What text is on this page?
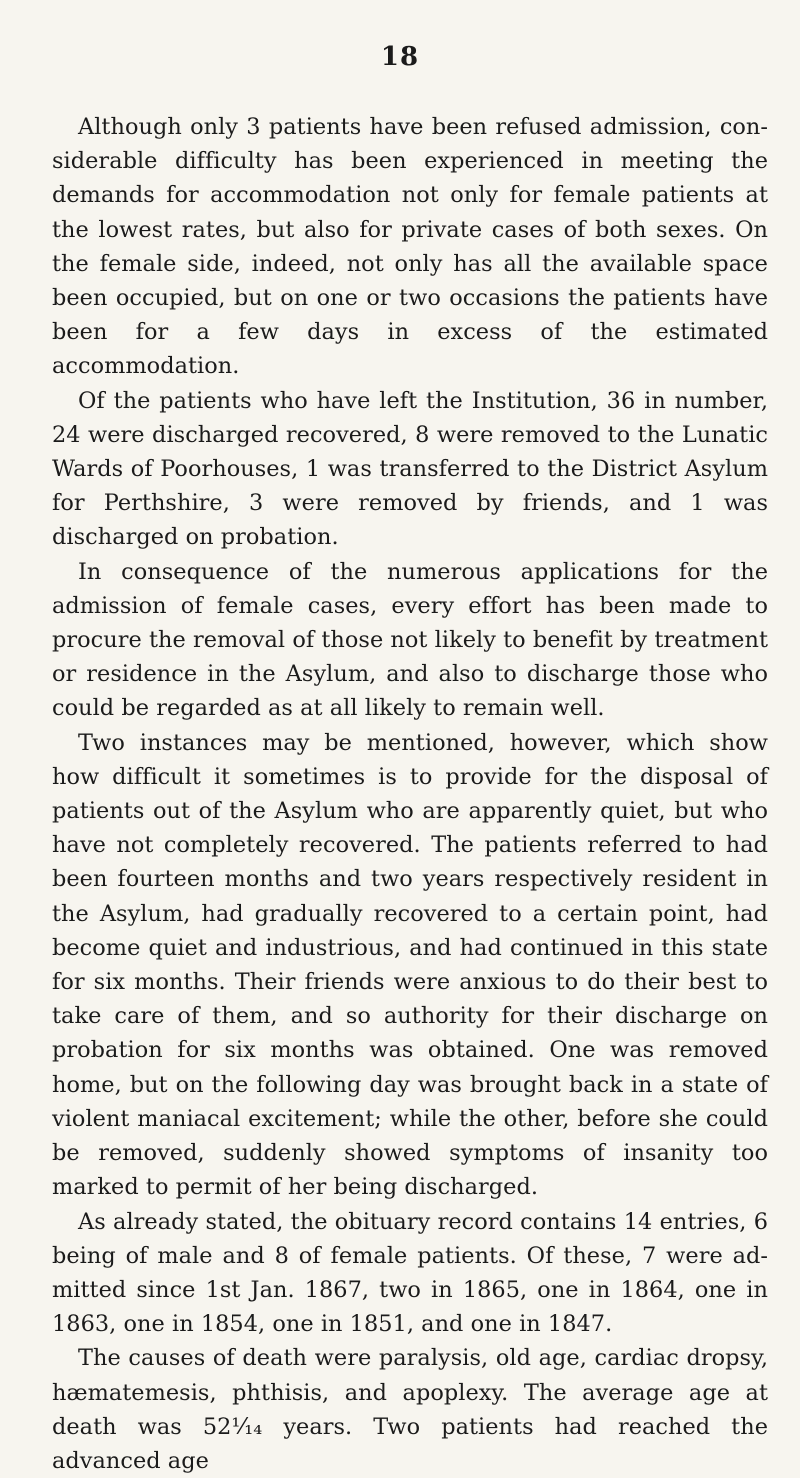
18

Although only 3 patients have been refused admission, considerable difficulty has been experienced in meeting the demands for accommodation not only for female patients at the lowest rates, but also for private cases of both sexes. On the female side, indeed, not only has all the available space been occupied, but on one or two occasions the patients have been for a few days in excess of the estimated accommodation.

Of the patients who have left the Institution, 36 in number, 24 were discharged recovered, 8 were removed to the Lunatic Wards of Poorhouses, 1 was transferred to the District Asylum for Perthshire, 3 were removed by friends, and 1 was discharged on probation.

In consequence of the numerous applications for the admission of female cases, every effort has been made to procure the removal of those not likely to benefit by treatment or residence in the Asylum, and also to discharge those who could be regarded as at all likely to remain well.

Two instances may be mentioned, however, which show how difficult it sometimes is to provide for the disposal of patients out of the Asylum who are apparently quiet, but who have not completely recovered. The patients referred to had been fourteen months and two years respectively resident in the Asylum, had gradually recovered to a certain point, had become quiet and industrious, and had continued in this state for six months. Their friends were anxious to do their best to take care of them, and so authority for their discharge on probation for six months was obtained. One was removed home, but on the following day was brought back in a state of violent maniacal excitement; while the other, before she could be removed, suddenly showed symptoms of insanity too marked to permit of her being discharged.

As already stated, the obituary record contains 14 entries, 6 being of male and 8 of female patients. Of these, 7 were admitted since 1st Jan. 1867, two in 1865, one in 1864, one in 1863, one in 1854, one in 1851, and one in 1847.

The causes of death were paralysis, old age, cardiac dropsy, hæmatemesis, phthisis, and apoplexy. The average age at death was 52¹⁄₁₄ years. Two patients had reached the advanced age
